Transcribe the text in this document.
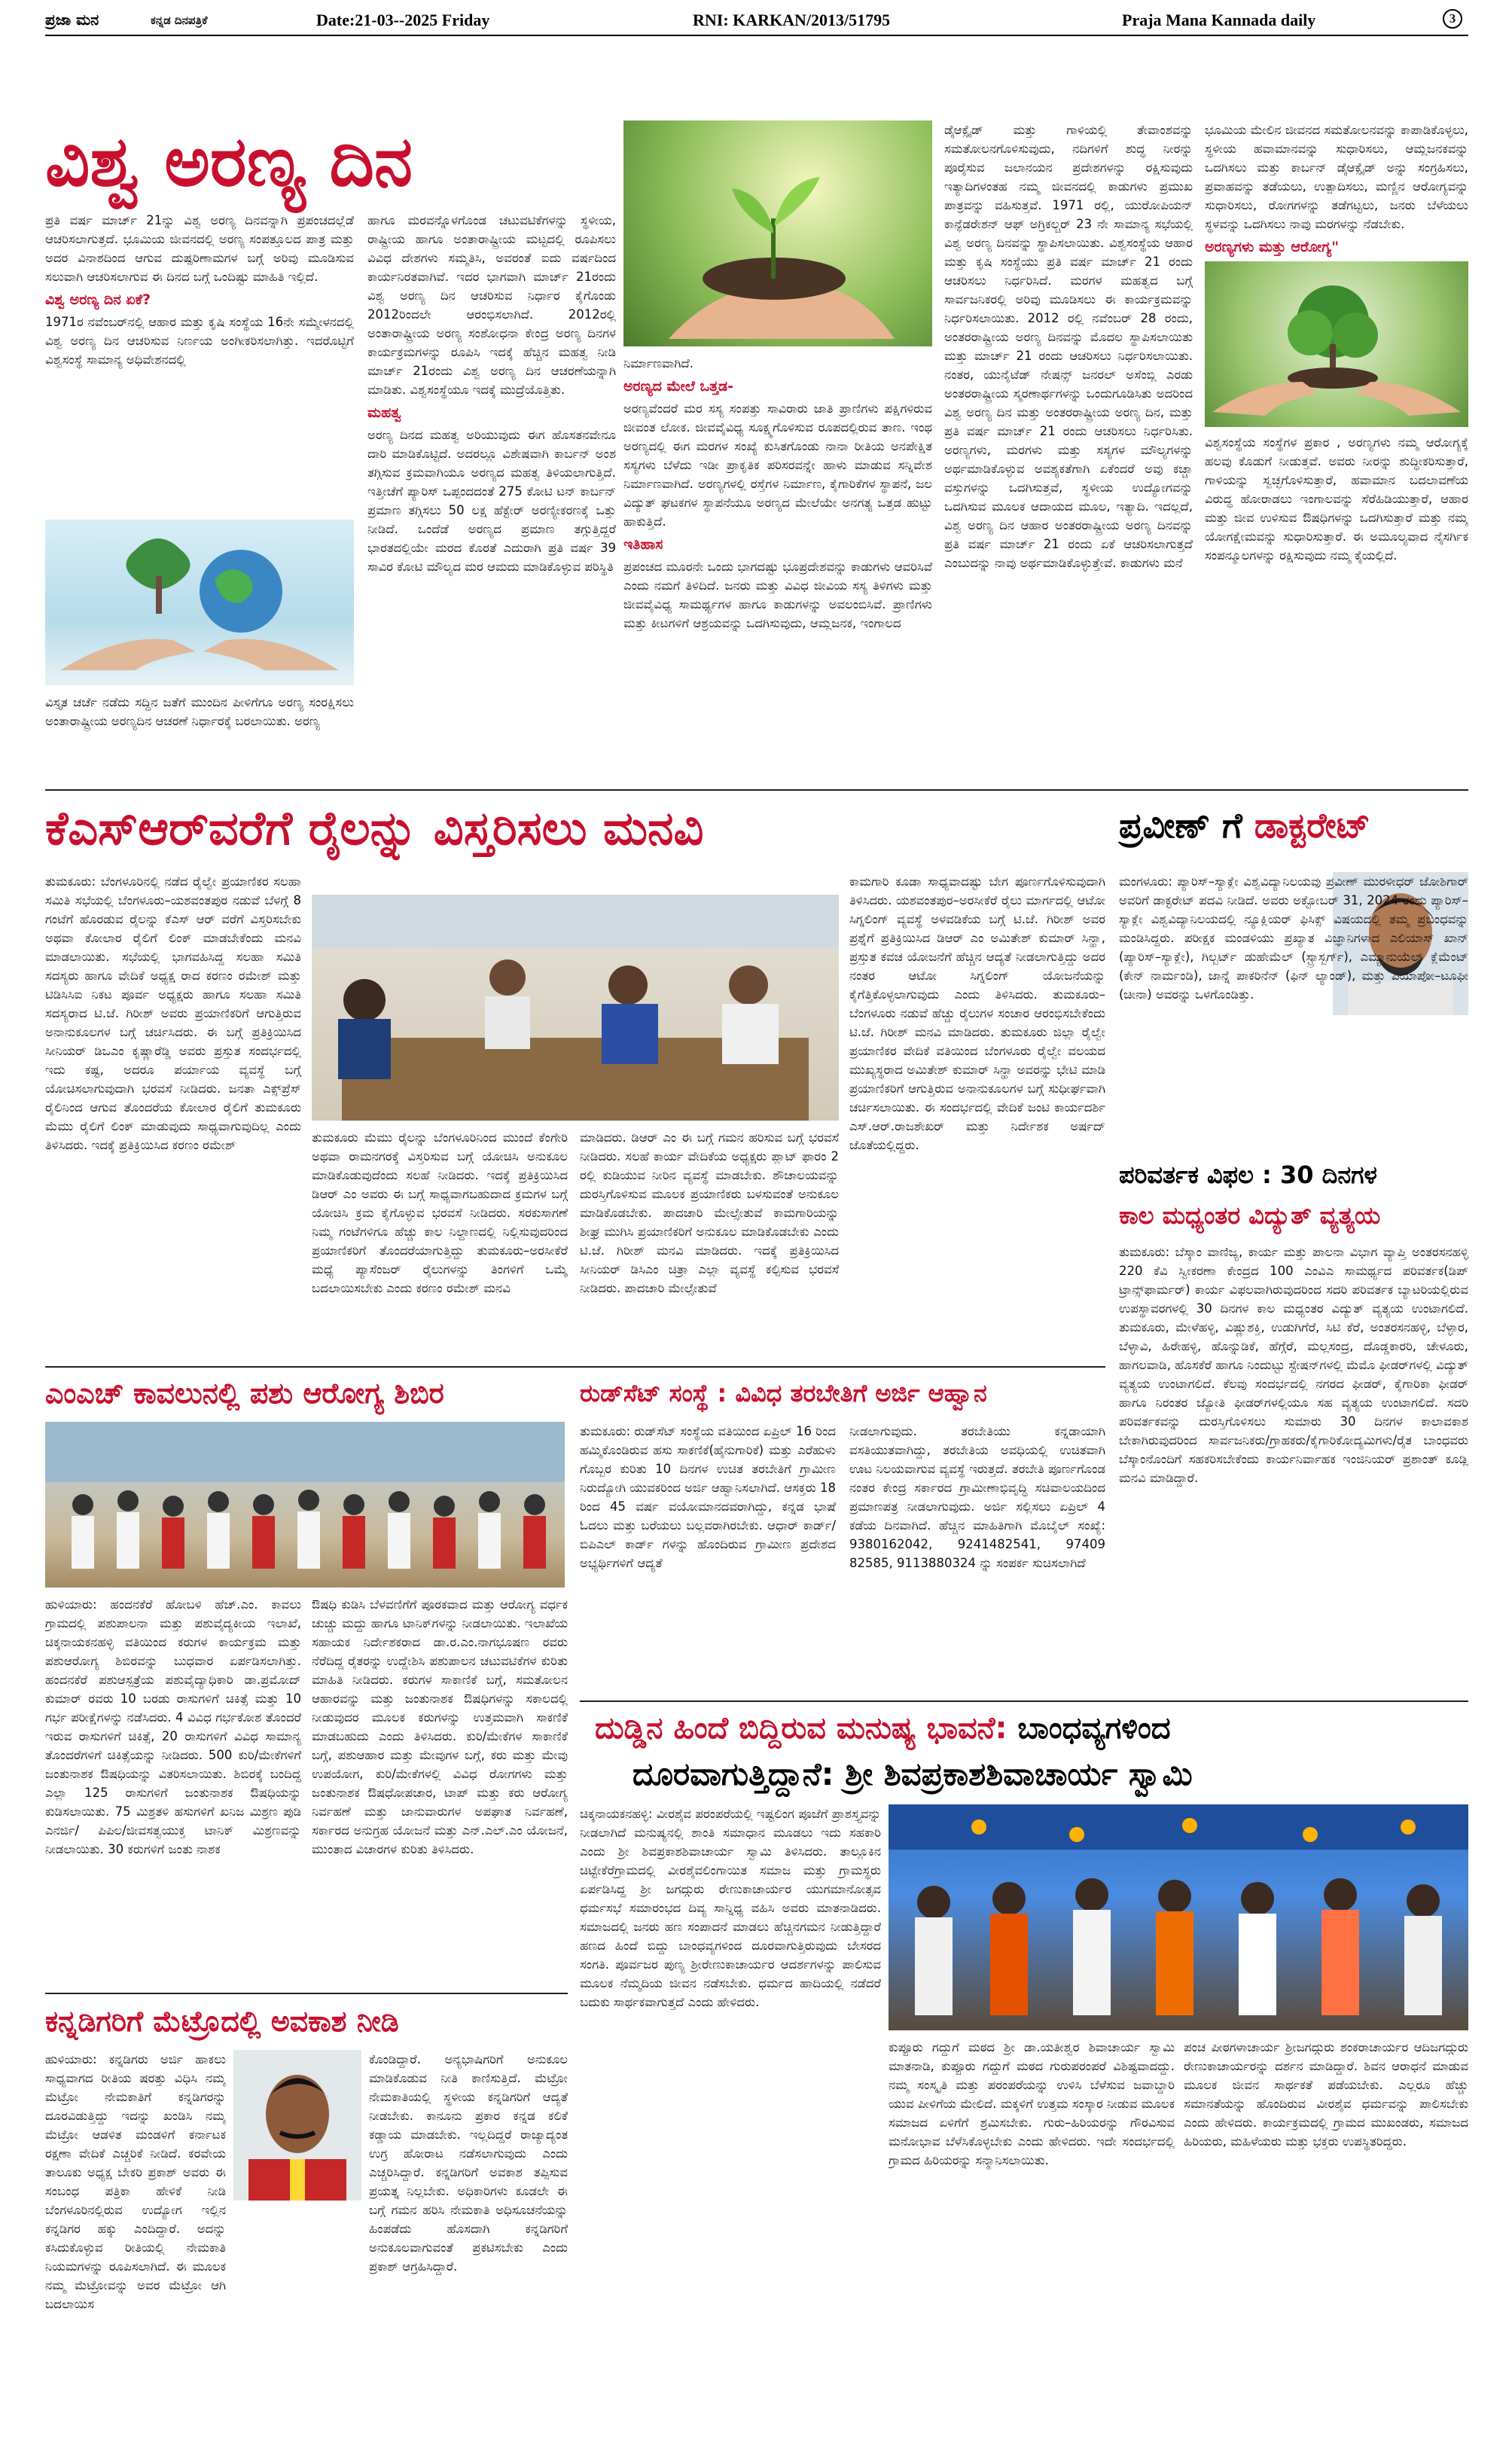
ಪ್ರಜಾ ಮನ	ಕನ್ನಡ ದಿನಪತ್ರಿಕೆ	Date:21-03--2025 Friday	RNI: KARKAN/2013/51795	Praja Mana Kannada daily	3
ವಿಶ್ವ ಅರಣ್ಯ ದಿನ

ಪ್ರತಿ ವರ್ಷ ಮಾರ್ಚ್ 21ನ್ನು ವಿಶ್ವ ಅರಣ್ಯ ದಿನವನ್ನಾಗಿ ಪ್ರಪಂಚದಲ್ಲೆಡೆ ಆಚರಿಸಲಾಗುತ್ತದೆ. ಭೂಮಿಯ ಜೀವನದಲ್ಲಿ ಅರಣ್ಯ ಸಂಪತ್ತೂಲದ ಪಾತ್ರ ಮತ್ತು ಅದರ ವಿನಾಶದಿಂದ ಆಗುವ ದುಷ್ಪರಿಣಾಮಗಳ ಬಗ್ಗೆ ಅರಿವು ಮೂಡಿಸುವ ಸಲುವಾಗಿ ಆಚರಿಸಲಾಗುವ ಈ ದಿನದ ಬಗ್ಗೆ ಒಂದಿಷ್ಟು ಮಾಹಿತಿ ಇಲ್ಲಿದೆ.

ವಿಶ್ವ ಅರಣ್ಯ ದಿನ ಏಕೆ?

1971ರ ನವೆಂಬರ್‌ನಲ್ಲಿ ಆಹಾರ ಮತ್ತು ಕೃಷಿ ಸಂಸ್ಥೆಯ 16ನೇ ಸಮ್ಮೇಳನದಲ್ಲಿ ವಿಶ್ವ ಅರಣ್ಯ ದಿನ ಆಚರಿಸುವ ನಿರ್ಣಯ ಅಂಗೀಕರಿಸಲಾಗಿತ್ತು. ಇದರೊಟ್ಟಿಗೆ ವಿಶ್ವಸಂಸ್ಥೆ ಸಾಮಾನ್ಯ ಅಧಿವೇಶನದಲ್ಲಿ

ವಿಸ್ತೃತ ಚರ್ಚೆ ನಡೆದು ಸದ್ದಿನ ಜತೆಗೆ ಮುಂದಿನ ಪೀಳಿಗೆಗೂ ಅರಣ್ಯ ಸಂರಕ್ಷಿಸಲು ಅಂತಾರಾಷ್ಟ್ರೀಯ ಅರಣ್ಯದಿನ ಆಚರಣೆ ನಿರ್ಧಾರಕ್ಕೆ ಬರಲಾಯಿತು. ಅರಣ್ಯ

ಹಾಗೂ ಮರವನ್ನೊಳಗೊಂಡ ಚಟುವಟಿಕೆಗಳನ್ನು ಸ್ಥಳೀಯ, ರಾಷ್ಟ್ರೀಯ ಹಾಗೂ ಅಂತಾರಾಷ್ಟ್ರೀಯ ಮಟ್ಟದಲ್ಲಿ ರೂಪಿಸಲು ವಿವಿಧ ದೇಶಗಳು ಸಮ್ಮತಿಸಿ, ಅವರಂತೆ ಐದು ವರ್ಷದಿಂದ ಕಾರ್ಯನಿರತವಾಗಿವೆ. ಇದರ ಭಾಗವಾಗಿ ಮಾರ್ಚ್ 21ರಂದು ವಿಶ್ವ ಅರಣ್ಯ ದಿನ ಆಚರಿಸುವ ನಿರ್ಧಾರ ಕೈಗೊಂಡು 2012ರಿಂದಲೇ ಆರಂಭಿಸಲಾಗಿದೆ. 2012ರಲ್ಲಿ ಅಂತಾರಾಷ್ಟ್ರೀಯ ಅರಣ್ಯ ಸಂಶೋಧನಾ ಕೇಂದ್ರ ಅರಣ್ಯ ದಿನಗಳ ಕಾರ್ಯಕ್ರಮಗಳನ್ನು ರೂಪಿಸಿ ಇದಕ್ಕೆ ಹೆಚ್ಚಿನ ಮಹತ್ವ ನೀಡಿ ಮಾರ್ಚ್ 21ರಂದು ವಿಶ್ವ ಅರಣ್ಯ ದಿನ ಆಚರಣೆಯನ್ನಾಗಿ ಮಾಡಿತು. ವಿಶ್ವಸಂಸ್ಥೆಯೂ ಇದಕ್ಕೆ ಮುದ್ರೆಯೊತ್ತಿತು.

ಮಹತ್ವ

ಅರಣ್ಯ ದಿನದ ಮಹತ್ವ ಅರಿಯುವುದು ಈಗ ಹೊಸತನವೇನೂ ದಾರಿ ಮಾಡಿಕೊಟ್ಟಿದೆ. ಅದರಲ್ಲೂ ವಿಶೇಷವಾಗಿ ಕಾರ್ಬನ್ ಅಂಶ ತಗ್ಗಿಸುವ ಕ್ರಮವಾಗಿಯೂ ಅರಣ್ಯದ ಮಹತ್ವ ತಿಳಿಯಲಾಗುತ್ತಿದೆ. ಇತ್ತೀಚೆಗೆ ಪ್ಯಾರಿಸ್ ಒಪ್ಪಂದದಂತೆ 275 ಕೋಟಿ ಟನ್ ಕಾರ್ಬನ್ ಪ್ರಮಾಣ ತಗ್ಗಿಸಲು 50 ಲಕ್ಷ ಹೆಕ್ಟೇರ್ ಅರಣ್ಯೀಕರಣಕ್ಕೆ ಒತ್ತು ನೀಡಿದೆ. ಒಂದೆಡೆ ಅರಣ್ಯದ ಪ್ರಮಾಣ ತಗ್ಗುತ್ತಿದ್ದರೆ ಭಾರತದಲ್ಲಿಯೇ ಮರದ ಕೊರತೆ ಎದುರಾಗಿ ಪ್ರತಿ ವರ್ಷ 39 ಸಾವಿರ ಕೋಟಿ ಮೌಲ್ಯದ ಮರ ಆಮದು ಮಾಡಿಕೊಳ್ಳುವ ಪರಿಸ್ಥಿತಿ

ನಿರ್ಮಾಣವಾಗಿದೆ.

ಅರಣ್ಯದ ಮೇಲೆ ಒತ್ತಡ-

ಅರಣ್ಯವೆಂದರೆ ಮರ ಸಸ್ಯ ಸಂಪತ್ತು ಸಾವಿರಾರು ಜಾತಿ ಪ್ರಾಣಿಗಳು ಪಕ್ಷಿಗಳಿರುವ ಜೀವಂತ ಲೋಕ. ಜೀವವೈವಿಧ್ಯ ಸೂಕ್ಷ್ಮಗೊಳಿಸುವ ರೂಪದಲ್ಲಿರುವ ತಾಣ. ಇಂಥ ಅರಣ್ಯದಲ್ಲಿ ಈಗ ಮರಗಳ ಸಂಖ್ಯೆ ಕುಸಿತಗೊಂಡು ನಾನಾ ರೀತಿಯ ಅನಪೇಕ್ಷಿತ ಸಸ್ಯಗಳು ಬೆಳೆದು ಇಡೀ ಪ್ರಾಕೃತಿಕ ಪರಿಸರವನ್ನೇ ಹಾಳು ಮಾಡುವ ಸನ್ನಿವೇಶ ನಿರ್ಮಾಣವಾಗಿದೆ. ಅರಣ್ಯಗಳಲ್ಲಿ ರಸ್ತೆಗಳ ನಿರ್ಮಾಣ, ಕೈಗಾರಿಕೆಗಳ ಸ್ಥಾಪನೆ, ಜಲ ವಿದ್ಯುತ್ ಘಟಕಗಳ ಸ್ಥಾಪನೆಯೂ ಅರಣ್ಯದ ಮೇಲೆಯೇ ಅನಗತ್ಯ ಒತ್ತಡ ಹುಟ್ಟು ಹಾಕುತ್ತಿದೆ.

ಇತಿಹಾಸ

ಪ್ರಪಂಚದ ಮೂರನೇ ಒಂದು ಭಾಗದಷ್ಟು ಭೂಪ್ರದೇಶವನ್ನು ಕಾಡುಗಳು ಆವರಿಸಿವೆ ಎಂದು ನಮಗೆ ತಿಳಿದಿದೆ. ಜನರು ಮತ್ತು ವಿವಿಧ ಜೀವಿಯ ಸಸ್ಯ ತಿಳಿಗಳು ಮತ್ತು ಜೀವವೈವಿಧ್ಯ ಸಾಮರ್ಥ್ಯಗಳ ಹಾಗೂ ಕಾಡುಗಳನ್ನು ಅವಲಂಬಿಸಿವೆ. ಪ್ರಾಣಿಗಳು ಮತ್ತು ಕೀಟಗಳಿಗೆ ಆಶ್ರಯವನ್ನು ಒದಗಿಸುವುದು, ಆಮ್ಲಜನಕ, ಇಂಗಾಲದ

ಡೈಆಕ್ಸೈಡ್ ಮತ್ತು ಗಾಳಿಯಲ್ಲಿ ತೇವಾಂಶವನ್ನು ಸಮತೋಲನಗೊಳಿಸುವುದು, ನದಿಗಳಿಗೆ ಶುದ್ಧ ನೀರನ್ನು ಪೂರೈಸುವ ಜಲಾನಯನ ಪ್ರದೇಶಗಳನ್ನು ರಕ್ಷಿಸುವುದು ಇತ್ಯಾದಿಗಳಂತಹ ನಮ್ಮ ಜೀವನದಲ್ಲಿ ಕಾಡುಗಳು ಪ್ರಮುಖ ಪಾತ್ರವನ್ನು ವಹಿಸುತ್ತವೆ. 1971 ರಲ್ಲಿ, ಯುರೋಪಿಯನ್ ಕಾನ್ಫೆಡರೇಶನ್ ಆಫ್ ಅಗ್ರಿಕಲ್ಚರ್ 23 ನೇ ಸಾಮಾನ್ಯ ಸಭೆಯಲ್ಲಿ ವಿಶ್ವ ಅರಣ್ಯ ದಿನವನ್ನು ಸ್ಥಾಪಿಸಲಾಯಿತು. ವಿಶ್ವಸಂಸ್ಥೆಯ ಆಹಾರ ಮತ್ತು ಕೃಷಿ ಸಂಸ್ಥೆಯು ಪ್ರತಿ ವರ್ಷ ಮಾರ್ಚ್ 21 ರಂದು ಆಚರಿಸಲು ನಿರ್ಧರಿಸಿದೆ. ಮರಗಳ ಮಹತ್ವದ ಬಗ್ಗೆ ಸಾರ್ವಜನಿಕರಲ್ಲಿ ಅರಿವು ಮೂಡಿಸಲು ಈ ಕಾರ್ಯಕ್ರಮವನ್ನು ನಿರ್ಧರಿಸಲಾಯಿತು. 2012 ರಲ್ಲಿ ನವೆಂಬರ್ 28 ರಂದು, ಅಂತರರಾಷ್ಟ್ರೀಯ ಅರಣ್ಯ ದಿನವನ್ನು ಮೊದಲ ಸ್ಥಾಪಿಸಲಾಯಿತು ಮತ್ತು ಮಾರ್ಚ್ 21 ರಂದು ಆಚರಿಸಲು ನಿರ್ಧರಿಸಲಾಯಿತು. ನಂತರ, ಯುನೈಟೆಡ್ ನೇಷನ್ಸ್ ಜನರಲ್ ಅಸೆಂಬ್ಲಿ ಎರಡು ಅಂತರರಾಷ್ಟ್ರೀಯ ಸ್ಮರಣಾರ್ಥಗಳನ್ನು ಒಂದುಗೂಡಿಸಿತು ಅದರಿಂದ ವಿಶ್ವ ಅರಣ್ಯ ದಿನ ಮತ್ತು ಅಂತರರಾಷ್ಟ್ರೀಯ ಅರಣ್ಯ ದಿನ, ಮತ್ತು ಪ್ರತಿ ವರ್ಷ ಮಾರ್ಚ್ 21 ರಂದು ಆಚರಿಸಲು ನಿರ್ಧರಿಸಿತು. ಅರಣ್ಯಗಳು, ಮರಗಳು ಮತ್ತು ಸಸ್ಯಗಳ ಮೌಲ್ಯಗಳನ್ನು ಅರ್ಥಮಾಡಿಕೊಳ್ಳುವ ಅವಶ್ಯಕತೆಗಾಗಿ ಏಕೆಂದರೆ ಅವು ಕಚ್ಚಾ ವಸ್ತುಗಳನ್ನು ಒದಗಿಸುತ್ತವೆ, ಸ್ಥಳೀಯ ಉದ್ಯೋಗವನ್ನು ಒದಗಿಸುವ ಮೂಲಕ ಆದಾಯದ ಮೂಲ, ಇತ್ಯಾದಿ. ಇದಲ್ಲದೆ, ವಿಶ್ವ ಅರಣ್ಯ ದಿನ ಆಹಾರ ಅಂತರರಾಷ್ಟ್ರೀಯ ಅರಣ್ಯ ದಿನವನ್ನು ಪ್ರತಿ ವರ್ಷ ಮಾರ್ಚ್ 21 ರಂದು ಏಕೆ ಆಚರಿಸಲಾಗುತ್ತದೆ ಎಂಬುದನ್ನು ನಾವು ಅರ್ಥಮಾಡಿಕೊಳ್ಳುತ್ತೇವೆ. ಕಾಡುಗಳು ಮನೆ

ಭೂಮಿಯ ಮೇಲಿನ ಜೀವನದ ಸಮತೋಲನವನ್ನು ಕಾಪಾಡಿಕೊಳ್ಳಲು, ಸ್ಥಳೀಯ ಹವಾಮಾನವನ್ನು ಸುಧಾರಿಸಲು, ಆಮ್ಲಜನಕವನ್ನು ಒದಗಿಸಲು ಮತ್ತು ಕಾರ್ಬನ್ ಡೈಆಕ್ಸೈಡ್ ಅನ್ನು ಸಂಗ್ರಹಿಸಲು, ಪ್ರವಾಹವನ್ನು ತಡೆಯಲು, ಉತ್ಪಾದಿಸಲು, ಮಣ್ಣಿನ ಆರೋಗ್ಯವನ್ನು ಸುಧಾರಿಸಲು, ರೋಗಗಳನ್ನು ತಡೆಗಟ್ಟಲು, ಜನರು ಬೆಳೆಯಲು ಸ್ಥಳವನ್ನು ಒದಗಿಸಲು ನಾವು ಮರಗಳನ್ನು ನೆಡಬೇಕು.

ಅರಣ್ಯಗಳು ಮತ್ತು ಆರೋಗ್ಯ"

ವಿಶ್ವಸಂಸ್ಥೆಯ ಸಂಸ್ಥೆಗಳ ಪ್ರಕಾರ , ಅರಣ್ಯಗಳು ನಮ್ಮ ಆರೋಗ್ಯಕ್ಕೆ ಹಲವು ಕೊಡುಗೆ ನೀಡುತ್ತವೆ. ಅವರು ನೀರನ್ನು ಶುದ್ಧೀಕರಿಸುತ್ತಾರೆ, ಗಾಳಿಯನ್ನು ಸ್ವಚ್ಛಗೊಳಿಸುತ್ತಾರೆ, ಹವಾಮಾನ ಬದಲಾವಣೆಯ ವಿರುದ್ಧ ಹೋರಾಡಲು ಇಂಗಾಲವನ್ನು ಸೆರೆಹಿಡಿಯುತ್ತಾರೆ, ಆಹಾರ ಮತ್ತು ಜೀವ ಉಳಿಸುವ ಔಷಧಿಗಳನ್ನು ಒದಗಿಸುತ್ತಾರೆ ಮತ್ತು ನಮ್ಮ ಯೋಗಕ್ಷೇಮವನ್ನು ಸುಧಾರಿಸುತ್ತಾರೆ. ಈ ಅಮೂಲ್ಯವಾದ ನೈಸರ್ಗಿಕ ಸಂಪನ್ಮೂಲಗಳನ್ನು ರಕ್ಷಿಸುವುದು ನಮ್ಮ ಕೈಯಲ್ಲಿದೆ.

ಕೆಎಸ್‌ಆರ್‌ವರೆಗೆ ರೈಲನ್ನು ವಿಸ್ತರಿಸಲು ಮನವಿ

ತುಮಕೂರು: ಬೆಂಗಳೂರಿನಲ್ಲಿ ನಡೆದ ರೈಲ್ವೇ ಪ್ರಯಾಣಿಕರ ಸಲಹಾ ಸಮಿತಿ ಸಭೆಯಲ್ಲಿ ಬೆಂಗಳೂರು–ಯಶವಂತಪುರ ನಡುವೆ ಬೆಳಗ್ಗೆ 8 ಗಂಟೆಗೆ ಹೊರಡುವ ರೈಲನ್ನು ಕೆಎಸ್ ಆರ್ ವರೆಗೆ ವಿಸ್ತರಿಸಬೇಕು ಅಥವಾ ಕೋಲಾರ ರೈಲಿಗೆ ಲಿಂಕ್ ಮಾಡಬೇಕೆಂದು ಮನವಿ ಮಾಡಲಾಯಿತು. ಸಭೆಯಲ್ಲಿ ಭಾಗವಹಿಸಿದ್ದ ಸಲಹಾ ಸಮಿತಿ ಸದಸ್ಯರು ಹಾಗೂ ವೇದಿಕೆ ಅಧ್ಯಕ್ಷ ರಾದ ಕರಣಂ ರಮೇಶ್ ಮತ್ತು ಟಿಡಿಸಿಸಿಐ ನಿಕಟ ಪೂರ್ವ ಅಧ್ಯಕ್ಷರು ಹಾಗೂ ಸಲಹಾ ಸಮಿತಿ ಸದಸ್ಯರಾದ ಟಿ.ಜೆ. ಗಿರೀಶ್ ಅವರು ಪ್ರಯಾಣಿಕರಿಗೆ ಆಗುತ್ತಿರುವ ಅನಾನುಕೂಲಗಳ ಬಗ್ಗೆ ಚರ್ಚಿಸಿದರು. ಈ ಬಗ್ಗೆ ಪ್ರತಿಕ್ರಿಯಿಸಿದ ಸೀನಿಯರ್ ಡಿಒಎಂ ಕೃಷ್ಣಾರೆಡ್ಡಿ ಅವರು ಪ್ರಸ್ತುತ ಸಂದರ್ಭದಲ್ಲಿ ಇದು ಕಷ್ಟ, ಅದರೂ ಪರ್ಯಾಯ ವ್ಯವಸ್ಥೆ ಬಗ್ಗೆ ಯೋಚಿಸಲಾಗುವುದಾಗಿ ಭರವಸೆ ನೀಡಿದರು. ಜನತಾ ಎಕ್ಸ್‌ಪ್ರೆಸ್ ರೈಲಿನಿಂದ ಆಗುವ ತೊಂದರೆಯ ಕೋಲಾರ ರೈಲಿಗೆ ತುಮಕೂರು ಮೆಮು ರೈಲಿಗೆ ಲಿಂಕ್ ಮಾಡುವುದು ಸಾಧ್ಯವಾಗುವುದಿಲ್ಲ ಎಂದು ತಿಳಿಸಿದರು. ಇದಕ್ಕೆ ಪ್ರತಿಕ್ರಿಯಿಸಿದ ಕರಣಂ ರಮೇಶ್

ತುಮಕೂರು ಮೆಮು ರೈಲನ್ನು ಬೆಂಗಳೂರಿನಿಂದ ಮುಂದೆ ಕೆಂಗೇರಿ ಅಥವಾ ರಾಮನಗರಕ್ಕೆ ವಿಸ್ತರಿಸುವ ಬಗ್ಗೆ ಯೋಚಿಸಿ ಅನುಕೂಲ ಮಾಡಿಕೊಡುವುದೆಂದು ಸಲಹೆ ನೀಡಿದರು. ಇದಕ್ಕೆ ಪ್ರತಿಕ್ರಿಯಿಸಿದ ಡಿಆರ್ ಎಂ ಅವರು ಈ ಬಗ್ಗೆ ಸಾಧ್ಯವಾಗಬಹುದಾದ ಕ್ರಮಗಳ ಬಗ್ಗೆ ಯೋಚಿಸಿ ಕ್ರಮ ಕೈಗೊಳ್ಳುವ ಭರವಸೆ ನೀಡಿದರು. ಸರಕುಸಾಗಣೆ ನಿಮ್ಮ ಗಂಟೆಗಳಿಗೂ ಹೆಚ್ಚು ಕಾಲ ನಿಲ್ದಾಣದಲ್ಲಿ ನಿಲ್ಲಿಸುವುದರಿಂದ ಪ್ರಯಾಣಿಕರಿಗೆ ತೊಂದರೆಯಾಗುತ್ತಿದ್ದು ತುಮಕೂರು–ಅರಸೀಕೆರೆ ಮಧ್ಯೆ ಪ್ಯಾಸೆಂಜರ್ ರೈಲುಗಳನ್ನು ತಿಂಗಳಿಗೆ ಒಮ್ಮೆ ಬದಲಾಯಿಸಬೇಕು ಎಂದು ಕರಣಂ ರಮೇಶ್ ಮನವಿ

ಮಾಡಿದರು. ಡಿಆರ್ ಎಂ ಈ ಬಗ್ಗೆ ಗಮನ ಹರಿಸುವ ಬಗ್ಗೆ ಭರವಸೆ ನೀಡಿದರು. ಸಲಹೆ ಕಾರ್ಯ ವೇದಿಕೆಯ ಅಧ್ಯಕ್ಷರು ಪ್ಲಾಟ್ ಫಾರಂ 2 ರಲ್ಲಿ ಕುಡಿಯುವ ನೀರಿನ ವ್ಯವಸ್ಥೆ ಮಾಡಬೇಕು. ಶೌಚಾಲಯವನ್ನು ದುರಸ್ತಿಗೊಳಿಸುವ ಮೂಲಕ ಪ್ರಯಾಣಿಕರು ಬಳಸುವಂತೆ ಅನುಕೂಲ ಮಾಡಿಕೊಡಬೇಕು. ಪಾದಚಾರಿ ಮೇಲ್ಸೇತುವೆ ಕಾಮಗಾರಿಯನ್ನು ಶೀಘ್ರ ಮುಗಿಸಿ ಪ್ರಯಾಣಿಕರಿಗೆ ಅನುಕೂಲ ಮಾಡಿಕೊಡಬೇಕು ಎಂದು ಟಿ.ಜೆ. ಗಿರೀಶ್ ಮನವಿ ಮಾಡಿದರು. ಇದಕ್ಕೆ ಪ್ರತಿಕ್ರಿಯಿಸಿದ ಸೀನಿಯರ್ ಡಿಸಿಎಂ ಚಿತ್ರಾ ಎಲ್ಲಾ ವ್ಯವಸ್ಥೆ ಕಲ್ಪಿಸುವ ಭರವಸೆ ನೀಡಿದರು. ಪಾದಚಾರಿ ಮೇಲ್ಸೇತುವೆ

ಕಾಮಗಾರಿ ಕೂಡಾ ಸಾಧ್ಯವಾದಷ್ಟು ಬೇಗ ಪೂರ್ಣಗೊಳಿಸುವುದಾಗಿ ತಿಳಿಸಿದರು. ಯಶವಂತಪುರ–ಅರಸೀಕೆರೆ ರೈಲು ಮಾರ್ಗದಲ್ಲಿ ಆಟೋ ಸಿಗ್ನಲಿಂಗ್ ವ್ಯವಸ್ಥೆ ಅಳವಡಿಕೆಯ ಬಗ್ಗೆ ಟಿ.ಜೆ. ಗಿರೀಶ್ ಅವರ ಪ್ರಶ್ನೆಗೆ ಪ್ರತಿಕ್ರಿಯಿಸಿದ ಡಿಆರ್ ಎಂ ಅಮಿತೇಶ್ ಕುಮಾರ್ ಸಿನ್ಹಾ, ಪ್ರಸ್ತುತ ಕವಚ ಯೋಜನೆಗೆ ಹೆಚ್ಚಿನ ಆದ್ಯತೆ ನೀಡಲಾಗುತ್ತಿದ್ದು ಅದರ ನಂತರ ಆಟೋ ಸಿಗ್ನಲಿಂಗ್ ಯೋಜನೆಯನ್ನು ಕೈಗೆತ್ತಿಕೊಳ್ಳಲಾಗುವುದು ಎಂದು ತಿಳಿಸಿದರು. ತುಮಕೂರು–ಬೆಂಗಳೂರು ನಡುವೆ ಹೆಚ್ಚು ರೈಲುಗಳ ಸಂಚಾರ ಆರಂಭಿಸಬೇಕೆಂದು ಟಿ.ಜೆ. ಗಿರೀಶ್ ಮನವಿ ಮಾಡಿದರು. ತುಮಕೂರು ಜಿಲ್ಲಾ ರೈಲ್ವೇ ಪ್ರಯಾಣಿಕರ ವೇದಿಕೆ ವತಿಯಿಂದ ಬೆಂಗಳೂರು ರೈಲ್ವೇ ವಲಯದ ಮುಖ್ಯಸ್ಥರಾದ ಅಮಿತೇಶ್ ಕುಮಾರ್ ಸಿನ್ಹಾ ಅವರನ್ನು ಭೇಟಿ ಮಾಡಿ ಪ್ರಯಾಣಿಕರಿಗೆ ಆಗುತ್ತಿರುವ ಅನಾನುಕೂಲಗಳ ಬಗ್ಗೆ ಸುಧೀರ್ಘವಾಗಿ ಚರ್ಚಿಸಲಾಯಿತು. ಈ ಸಂದರ್ಭದಲ್ಲಿ ವೇದಿಕೆ ಜಂಟಿ ಕಾರ್ಯದರ್ಶಿ ಎಸ್.ಆರ್.ರಾಜಶೇಖರ್ ಮತ್ತು ನಿರ್ದೇಶಕ ಅರ್ಷದ್ ಜೊತೆಯಲ್ಲಿದ್ದರು.

ಪ್ರವೀಣ್ ಗೆ ಡಾಕ್ಟರೇಟ್

ಮಂಗಳೂರು: ಪ್ಯಾರಿಸ್–ಸ್ಯಾಕ್ಲೇ ವಿಶ್ವವಿದ್ಯಾನಿಲಯವು ಪ್ರವೀಣ್ ಮುರಳೀಧರ್ ಜೋಶಿಗಾರ್ ಅವರಿಗೆ ಡಾಕ್ಟರೇಟ್ ಪದವಿ ನೀಡಿದೆ. ಅವರು ಅಕ್ಟೋಬರ್ 31, 2024 ರಂದು ಪ್ಯಾರಿಸ್–ಸ್ಯಾಕ್ಲೇ ವಿಶ್ವವಿದ್ಯಾನಿಲಯದಲ್ಲಿ ನ್ಯೂಕ್ಲಿಯರ್ ಫಿಸಿಕ್ಸ್ ವಿಷಯದಲ್ಲಿ ತಮ್ಮ ಪ್ರಬಂಧವನ್ನು ಮಂಡಿಸಿದ್ದರು. ಪರೀಕ್ಷಕ ಮಂಡಳಿಯು ಪ್ರಖ್ಯಾತ ವಿಜ್ಞಾನಿಗಳಾದ ಎಲಿಯಾಸ್ ಖಾನ್ (ಪ್ಯಾರಿಸ್–ಸ್ಯಾಕ್ಲೇ), ಗಿಲ್ಬರ್ಟ್ ಡುಹೇಮೆಲ್ (ಸ್ಟ್ರಾಸ್ಬರ್ಗ್), ಎಮ್ಯಾನುಯೆಲ್ ಕ್ಲೆಮೆಂಟ್ (ಕೇನ್ ನಾರ್ಮಂಡಿ), ಜಾನ್ನೆ ಪಾಕರಿನೆನ್ (ಫಿನ್ ಲ್ಯಾಂಡ್), ಮತ್ತು ಪಿಯಾಪೋ–ಟೂಫೀ (ಚೀನಾ) ಅವರನ್ನು ಒಳಗೊಂಡಿತ್ತು.

ಪರಿವರ್ತಕ ವಿಫಲ : 30 ದಿನಗಳ
ಕಾಲ ಮಧ್ಯಂತರ ವಿದ್ಯುತ್ ವ್ಯತ್ಯಯ

ತುಮಕೂರು: ಬೆಸ್ಕಾಂ ವಾಣಿಜ್ಯ, ಕಾರ್ಯ ಮತ್ತು ಪಾಲನಾ ವಿಭಾಗ ವ್ಯಾಪ್ತಿ ಅಂತರಸನಹಳ್ಳಿ 220 ಕೆವಿ ಸ್ವೀಕರಣಾ ಕೇಂದ್ರದ 100 ಎಂವಿಎ ಸಾಮರ್ಥ್ಯದ ಪರಿವರ್ತಕ(ಡಿಪ್ ಟ್ರಾನ್ಸ್‌ಫಾರ್ಮರ್) ಕಾರ್ಯ ವಿಫಲವಾಗಿರುವುದರಿಂದ ಸದರಿ ಪರಿವರ್ತಕ ಬ್ಯಾಟರಿಯಲ್ಲಿರುವ ಉಪಸ್ಥಾವರಗಳಲ್ಲಿ 30 ದಿನಗಳ ಕಾಲ ಮಧ್ಯಂತರ ವಿದ್ಯುತ್ ವ್ಯತ್ಯಯ ಉಂಟಾಗಲಿದೆ. ತುಮಕೂರು, ಮೇಳೆಹಳ್ಳಿ, ವಿಷ್ಣುಶಕ್ತಿ, ಉಡುಗಿಗೆರೆ, ಸಿಟಿ ಕೆರೆ, ಅಂತರಸನಹಳ್ಳಿ, ಬೆಳ್ಳಾರ, ಬೆಳ್ಳಾವಿ, ಹಿರೇಹಳ್ಳಿ, ಹೊನ್ನುಡಿಕೆ, ಹೆಗ್ಗೆರೆ, ಮಲ್ಲಸಂದ್ರ, ದೊಡ್ಡಕಾರರಿ, ಚೇಳೂರು, ಹಾಗಲವಾಡಿ, ಹೊಸಕೆರೆ ಹಾಗೂ ನಿಂದುಟ್ಟು ಸ್ಟೇಷನ್‌ಗಳಲ್ಲಿ ಮೆಮೊ ಫೀಡರ್‌ಗಳಲ್ಲಿ ವಿದ್ಯುತ್ ವ್ಯತ್ಯಯ ಉಂಟಾಗಲಿದೆ. ಕೆಲವು ಸಂದರ್ಭದಲ್ಲಿ ನಗರದ ಫೀಡರ್‌, ಕೈಗಾರಿಕಾ ಫೀಡರ್ ಹಾಗೂ ನಿರಂತರ ಜ್ಯೋತಿ ಫೀಡರ್‌ಗಳಲ್ಲಿಯೂ ಸಹ ವ್ಯತ್ಯಯ ಉಂಟಾಗಲಿದೆ. ಸದರಿ ಪರಿವರ್ತಕವನ್ನು ದುರಸ್ತಿಗೊಳಿಸಲು ಸುಮಾರು 30 ದಿನಗಳ ಕಾಲಾವಕಾಶ ಬೇಕಾಗಿರುವುದರಿಂದ ಸಾರ್ವಜನಿಕರು/ಗ್ರಾಹಕರು/ಕೈಗಾರಿಕೋದ್ಯಮಿಗಳು/ರೈತ ಬಾಂಧವರು ಬೆಸ್ಕಾಂನೊಂದಿಗೆ ಸಹಕರಿಸಬೇಕೆಂದು ಕಾರ್ಯನಿರ್ವಾಹಕ ಇಂಜಿನಿಯರ್ ಪ್ರಶಾಂತ್ ಕೂಡ್ಲಿ ಮನವಿ ಮಾಡಿದ್ದಾರೆ.

ಎಂಎಚ್ ಕಾವಲುನಲ್ಲಿ ಪಶು ಆರೋಗ್ಯ ಶಿಬಿರ

ಹುಳಿಯಾರು: ಹಂದನಕೆರೆ ಹೋಬಳಿ ಹೆಚ್.ಎಂ. ಕಾವಲು ಗ್ರಾಮದಲ್ಲಿ ಪಶುಪಾಲನಾ ಮತ್ತು ಪಶುವೈದ್ಯಕೀಯ ಇಲಾಖೆ, ಚಿಕ್ಕನಾಯಕನಹಳ್ಳಿ ವತಿಯಿಂದ ಕರುಗಳ ಕಾರ್ಯಕ್ರಮ ಮತ್ತು ಪಶುಆರೋಗ್ಯ ಶಿಬಿರವನ್ನು ಬುಧವಾರ ಏರ್ಪಡಿಸಲಾಗಿತ್ತು. ಹಂದನಕೆರೆ ಪಶುಆಸ್ಪತ್ರೆಯ ಪಶುವೈದ್ಯಾಧಿಕಾರಿ ಡಾ.ಪ್ರಮೋದ್ ಕುಮಾರ್ ರವರು 10 ಬರಡು ರಾಸುಗಳಿಗೆ ಚಿಕಿತ್ಸೆ ಮತ್ತು 10 ಗರ್ಭ ಪರೀಕ್ಷೆಗಳನ್ನು ನಡೆಸಿದರು. 4 ವಿವಿಧ ಗರ್ಭಕೋಶ ತೊಂದರೆ ಇರುವ ರಾಸುಗಳಿಗೆ ಚಿಕಿತ್ಸೆ, 20 ರಾಸುಗಳಿಗೆ ವಿವಿಧ ಸಾಮಾನ್ಯ ತೊಂದರೆಗಳಿಗೆ ಚಿಕಿತ್ಸೆಯನ್ನು ನೀಡಿದರು. 500 ಕುರಿ/ಮೇಕೆಗಳಿಗೆ ಜಂತುನಾಶಕ ಔಷಧಿಯನ್ನು ವಿತರಿಸಲಾಯಿತು. ಶಿಬಿರಕ್ಕೆ ಬಂದಿದ್ದ ಎಲ್ಲಾ 125 ರಾಸುಗಳಿಗೆ ಜಂತುನಾಶಕ ಔಷಧಿಯನ್ನು ಕುಡಿಸಲಾಯಿತು. 75 ಮಿಶ್ರತಳಿ ಹಸುಗಳಿಗೆ ಖನಿಜ ಮಿಶ್ರಣ ಪುಡಿ ಎನರ್ಜಿ/ ಪಿಪಿಲ/ಜೀವಸತ್ವಯುಕ್ತ ಟಾನಿಕ್ ಮಿಶ್ರಣವನ್ನು ನೀಡಲಾಯಿತು. 30 ಕರುಗಳಿಗೆ ಜಂತು ನಾಶಕ

ಔಷಧಿ ಕುಡಿಸಿ ಬೆಳವಣಿಗೆಗೆ ಪೂರಕವಾದ ಮತ್ತು ಆರೋಗ್ಯ ವರ್ಧಕ ಚುಚ್ಚು ಮದ್ದು ಹಾಗೂ ಟಾನಿಕ್‌ಗಳನ್ನು ನೀಡಲಾಯಿತು. ಇಲಾಖೆಯ ಸಹಾಯಕ ನಿರ್ದೇಶಕರಾದ ಡಾ.ರ.ಎಂ.ನಾಗಭೂಷಣ ರವರು ನೆರೆದಿದ್ದ ರೈತರನ್ನು ಉದ್ದೇಶಿಸಿ ಪಶುಪಾಲನ ಚಟುವಟಿಕೆಗಳ ಕುರಿತು ಮಾಹಿತಿ ನೀಡಿದರು. ಕರುಗಳ ಸಾಕಾಣಿಕೆ ಬಗ್ಗೆ, ಸಮತೋಲನ ಆಹಾರವನ್ನು ಮತ್ತು ಜಂತುನಾಶಕ ಔಷಧಿಗಳನ್ನು ಸಕಾಲದಲ್ಲಿ ನೀಡುವುದರ ಮೂಲಕ ಕರುಗಳನ್ನು ಉತ್ತಮವಾಗಿ ಸಾಕಣಿಕೆ ಮಾಡಬಹುದು ಎಂದು ತಿಳಿಸಿದರು. ಕುರಿ/ಮೇಕೆಗಳ ಸಾಕಾಣಿಕೆ ಬಗ್ಗೆ, ಪಶುಆಹಾರ ಮತ್ತು ಮೇವುಗಳ ಬಗ್ಗೆ, ಕರು ಮತ್ತು ಮೇವು ಉಪಯೋಗ, ಕುರಿ/ಮೇಕೆಗಳಲ್ಲಿ ವಿವಿಧ ರೋಗಗಳು ಮತ್ತು ಜಂತುನಾಶಕ ಔಷಧೋಪಚಾರ, ಟಾಪ್ ಮತ್ತು ಕರು ಆರೋಗ್ಯ ನಿರ್ವಹಣೆ ಮತ್ತು ಜಾನುವಾರುಗಳ ಅಪಘಾತ ನಿರ್ವಹಣೆ, ಸರ್ಕಾರದ ಅನುಗ್ರಹ ಯೋಜನೆ ಮತ್ತು ಎನ್.ಎಲ್.ಎಂ ಯೋಜನೆ, ಮುಂತಾದ ವಿಚಾರಗಳ ಕುರಿತು ತಿಳಿಸಿದರು.

ರುಡ್‌ಸೆಟ್ ಸಂಸ್ಥೆ : ವಿವಿಧ ತರಬೇತಿಗೆ ಅರ್ಜಿ ಆಹ್ವಾನ

ತುಮಕೂರು: ರುಡ್‌ಸೆಟ್ ಸಂಸ್ಥೆಯ ವತಿಯಿಂದ ಏಪ್ರಿಲ್ 16 ರಿಂದ ಹಮ್ಮಿಕೊಂಡಿರುವ ಹಸು ಸಾಕಣಿಕೆ(ಹೈನುಗಾರಿಕೆ) ಮತ್ತು ಎರೆಹುಳು ಗೊಬ್ಬರ ಕುರಿತು 10 ದಿನಗಳ ಉಚಿತ ತರಬೇತಿಗೆ ಗ್ರಾಮೀಣ ನಿರುದ್ಯೋಗಿ ಯುವಕರಿಂದ ಅರ್ಜಿ ಆಹ್ವಾನಿಸಲಾಗಿದೆ. ಆಸಕ್ತರು 18 ರಿಂದ 45 ವರ್ಷ ವಯೋಮಾನದವರಾಗಿದ್ದು, ಕನ್ನಡ ಭಾಷೆ ಓದಲು ಮತ್ತು ಬರೆಯಲು ಬಲ್ಲವರಾಗಿರಬೇಕು. ಆಧಾರ್ ಕಾರ್ಡ್/ಬಿಪಿಎಲ್ ಕಾರ್ಡ್ ಗಳನ್ನು ಹೊಂದಿರುವ ಗ್ರಾಮೀಣ ಪ್ರದೇಶದ ಅಭ್ಯರ್ಥಿಗಳಿಗೆ ಆದ್ಯತೆ

ನೀಡಲಾಗುವುದು. ತರಬೇತಿಯು ಕನ್ನಡಾಯಾಗಿ ವಸತಿಯುತವಾಗಿದ್ದು, ತರಬೇತಿಯ ಅವಧಿಯಲ್ಲಿ ಉಚಿತವಾಗಿ ಊಟ ನಿಲಯವಾಗುವ ವ್ಯವಸ್ಥೆ ಇರುತ್ತದೆ. ತರಬೇತಿ ಪೂರ್ಣಗೊಂಡ ನಂತರ ಕೇಂದ್ರ ಸರ್ಕಾರದ ಗ್ರಾಮೀಣಾಭಿವೃದ್ಧಿ ಸಚಿವಾಲಯದಿಂದ ಪ್ರಮಾಣಪತ್ರ ನೀಡಲಾಗುವುದು. ಅರ್ಜಿ ಸಲ್ಲಿಸಲು ಏಪ್ರಿಲ್ 4 ಕಡೆಯ ದಿನವಾಗಿದೆ. ಹೆಚ್ಚಿನ ಮಾಹಿತಿಗಾಗಿ ಮೊಬೈಲ್ ಸಂಖ್ಯೆ: 9380162042, 9241482541, 97409 82585, 9113880324 ನ್ನು ಸಂಪರ್ಕ ಸುಚಿಸಲಾಗಿದೆ

ದುಡ್ಡಿನ ಹಿಂದೆ ಬಿದ್ದಿರುವ ಮನುಷ್ಯ ಭಾವನೆ: ಬಾಂಧವ್ಯಗಳಿಂದ
ದೂರವಾಗುತ್ತಿದ್ದಾನೆ: ಶ್ರೀ ಶಿವಪ್ರಕಾಶಶಿವಾಚಾರ್ಯ ಸ್ವಾಮಿ

ಚಿಕ್ಕನಾಯಕನಹಳ್ಳಿ: ವೀರಶೈವ ಪರಂಪರೆಯಲ್ಲಿ ಇಷ್ಟಲಿಂಗ ಪೂಜೆಗೆ ಪ್ರಾಶಸ್ತ್ಯವನ್ನು ನೀಡಲಾಗಿದೆ ಮನುಷ್ಯನಲ್ಲಿ ಶಾಂತಿ ಸಮಾಧಾನ ಮೂಡಲು ಇದು ಸಹಕಾರಿ ಎಂದು ಶ್ರೀ ಶಿವಪ್ರಕಾಶಶಿವಾಚಾರ್ಯ ಸ್ವಾಮಿ ತಿಳಿಸಿದರು. ತಾಲ್ಲೂಕಿನ ಚಿಟ್ಟೇಕೆರೆಗ್ರಾಮದಲ್ಲಿ ವೀರಶೈವಲಿಂಗಾಯಿತ ಸಮಾಜ ಮತ್ತು ಗ್ರಾಮಸ್ಥರು ಏರ್ಪಡಿಸಿದ್ದ ಶ್ರೀ ಜಗದ್ಗುರು ರೇಣುಕಾಚಾರ್ಯರ ಯುಗಮಾನೋತ್ಸವ ಧರ್ಮಸಭೆ ಸಮಾರಂಭದ ದಿವ್ಯ ಸಾನ್ನಿಧ್ಯ ವಹಿಸಿ ಅವರು ಮಾತನಾಡಿದರು. ಸಮಾಜದಲ್ಲಿ ಜನರು ಹಣ ಸಂಪಾದನೆ ಮಾಡಲು ಹೆಚ್ಚಿನಗಮನ ನೀಡುತ್ತಿದ್ದಾರೆ ಹಣದ ಹಿಂದೆ ಬಿದ್ದು ಬಾಂಧವ್ಯಗಳಿಂದ ದೂರವಾಗುತ್ತಿರುವುದು ಬೇಸರದ ಸಂಗತಿ. ಪೂರ್ವಜರ ಪುಣ್ಯ ಶ್ರೀರೇಣುಕಾಚಾರ್ಯರ ಆದರ್ಶಗಳನ್ನು ಪಾಲಿಸುವ ಮೂಲಕ ನೆಮ್ಮದಿಯ ಜೀವನ ನಡೆಸಬೇಕು. ಧರ್ಮದ ಹಾದಿಯಲ್ಲಿ ನಡೆದರೆ ಬದುಕು ಸಾರ್ಥಕವಾಗುತ್ತದೆ ಎಂದು ಹೇಳಿದರು.

ಕುಪ್ಪೂರು ಗದ್ದುಗೆ ಮಠದ ಶ್ರೀ ಡಾ.ಯತೀಶ್ವರ ಶಿವಾಚಾರ್ಯ ಸ್ವಾಮಿ ಮಾತನಾಡಿ, ಕುಪ್ಪೂರು ಗದ್ದುಗೆ ಮಠದ ಗುರುಪರಂಪರೆ ವಿಶಿಷ್ಟವಾದದ್ದು. ನಮ್ಮ ಸಂಸ್ಕೃತಿ ಮತ್ತು ಪರಂಪರೆಯನ್ನು ಉಳಿಸಿ ಬೆಳೆಸುವ ಜವಾಬ್ದಾರಿ ಯುವ ಪೀಳಿಗೆಯ ಮೇಲಿದೆ. ಮಕ್ಕಳಿಗೆ ಉತ್ತಮ ಸಂಸ್ಕಾರ ನೀಡುವ ಮೂಲಕ ಸಮಾಜದ ಏಳಿಗೆಗೆ ಶ್ರಮಿಸಬೇಕು. ಗುರು–ಹಿರಿಯರನ್ನು ಗೌರವಿಸುವ ಮನೋಭಾವ ಬೆಳೆಸಿಕೊಳ್ಳಬೇಕು ಎಂದು ಹೇಳಿದರು. ಇದೇ ಸಂದರ್ಭದಲ್ಲಿ ಗ್ರಾಮದ ಹಿರಿಯರನ್ನು ಸನ್ಮಾನಿಸಲಾಯಿತು.

ಪಂಚ ಪೀಠಗಳಾಚಾರ್ಯ ಶ್ರೀಜಗದ್ಗುರು ಶಂಕರಾಚಾರ್ಯರ ಆದಿಜಗದ್ಗುರು ರೇಣುಕಾಚಾರ್ಯರನ್ನು ದರ್ಶನ ಮಾಡಿದ್ದಾರೆ. ಶಿವನ ಆರಾಧನೆ ಮಾಡುವ ಮೂಲಕ ಜೀವನ ಸಾರ್ಥಕತೆ ಪಡೆಯಬೇಕು. ಎಲ್ಲರೂ ಹೆಚ್ಚು ಸಮಾನತೆಯನ್ನು ಹೊಂದಿರುವ ವೀರಶೈವ ಧರ್ಮವನ್ನು ಪಾಲಿಸಬೇಕು ಎಂದು ಹೇಳಿದರು. ಕಾರ್ಯಕ್ರಮದಲ್ಲಿ ಗ್ರಾಮದ ಮುಖಂಡರು, ಸಮಾಜದ ಹಿರಿಯರು, ಮಹಿಳೆಯರು ಮತ್ತು ಭಕ್ತರು ಉಪಸ್ಥಿತರಿದ್ದರು.

ಕನ್ನಡಿಗರಿಗೆ ಮೆಟ್ರೊದಲ್ಲಿ ಅವಕಾಶ ನೀಡಿ

ಹುಳಿಯಾರು: ಕನ್ನಡಿಗರು ಅರ್ಜಿ ಹಾಕಲು ಸಾಧ್ಯವಾಗದ ರೀತಿಯ ಷರತ್ತು ವಿಧಿಸಿ ನಮ್ಮ ಮೆಟ್ರೋ ನೇಮಕಾತಿಗೆ ಕನ್ನಡಿಗರನ್ನು ದೂರವಿಡುತ್ತಿದ್ದು ಇದನ್ನು ಖಂಡಿಸಿ ನಮ್ಮ ಮೆಟ್ರೋ ಆಡಳಿತ ಮಂಡಳಿಗೆ ಕರ್ನಾಟಕ ರಕ್ಷಣಾ ವೇದಿಕೆ ಎಚ್ಚರಿಕೆ ನೀಡಿದೆ. ಕರವೇಯ ತಾಲೂಕು ಅಧ್ಯಕ್ಷ ಬೇಕರಿ ಪ್ರಕಾಶ್ ಅವರು ಈ ಸಂಬಂಧ ಪತ್ರಿಕಾ ಹೇಳಿಕೆ ನೀಡಿ ಬೆಂಗಳೂರಿನಲ್ಲಿರುವ ಉದ್ಯೋಗ ಇಲ್ಲಿನ ಕನ್ನಡಿಗರ ಹಕ್ಕು ಎಂದಿದ್ದಾರೆ. ಅದನ್ನು ಕಸಿದುಕೊಳ್ಳುವ ರೀತಿಯಲ್ಲಿ ನೇಮಕಾತಿ ನಿಯಮಗಳನ್ನು ರೂಪಿಸಲಾಗಿದೆ. ಈ ಮೂಲಕ ನಮ್ಮ ಮೆಟ್ರೋವನ್ನು ಅವರ ಮೆಟ್ರೋ ಆಗಿ ಬದಲಾಯಿಸ

ಕೊಂಡಿದ್ದಾರೆ. ಅನ್ಯಭಾಷಿಗರಿಗೆ ಅನುಕೂಲ ಮಾಡಿಕೊಡುವ ನೀತಿ ಕಾಣಿಸುತ್ತಿದೆ. ಮೆಟ್ರೋ ನೇಮಕಾತಿಯಲ್ಲಿ ಸ್ಥಳೀಯ ಕನ್ನಡಿಗರಿಗೆ ಆದ್ಯತೆ ನೀಡಬೇಕು. ಕಾನೂನು ಪ್ರಕಾರ ಕನ್ನಡ ಕಲಿಕೆ ಕಡ್ಡಾಯ ಮಾಡಬೇಕು. ಇಲ್ಲದಿದ್ದರೆ ರಾಜ್ಯಾದ್ಯಂತ ಉಗ್ರ ಹೋರಾಟ ನಡೆಸಲಾಗುವುದು ಎಂದು ಎಚ್ಚರಿಸಿದ್ದಾರೆ. ಕನ್ನಡಿಗರಿಗೆ ಅವಕಾಶ ತಪ್ಪಿಸುವ ಪ್ರಯತ್ನ ನಿಲ್ಲಬೇಕು. ಅಧಿಕಾರಿಗಳು ಕೂಡಲೇ ಈ ಬಗ್ಗೆ ಗಮನ ಹರಿಸಿ ನೇಮಕಾತಿ ಅಧಿಸೂಚನೆಯನ್ನು ಹಿಂಪಡೆದು ಹೊಸದಾಗಿ ಕನ್ನಡಿಗರಿಗೆ ಅನುಕೂಲವಾಗುವಂತೆ ಪ್ರಕಟಿಸಬೇಕು ಎಂದು ಪ್ರಕಾಶ್ ಆಗ್ರಹಿಸಿದ್ದಾರೆ.
